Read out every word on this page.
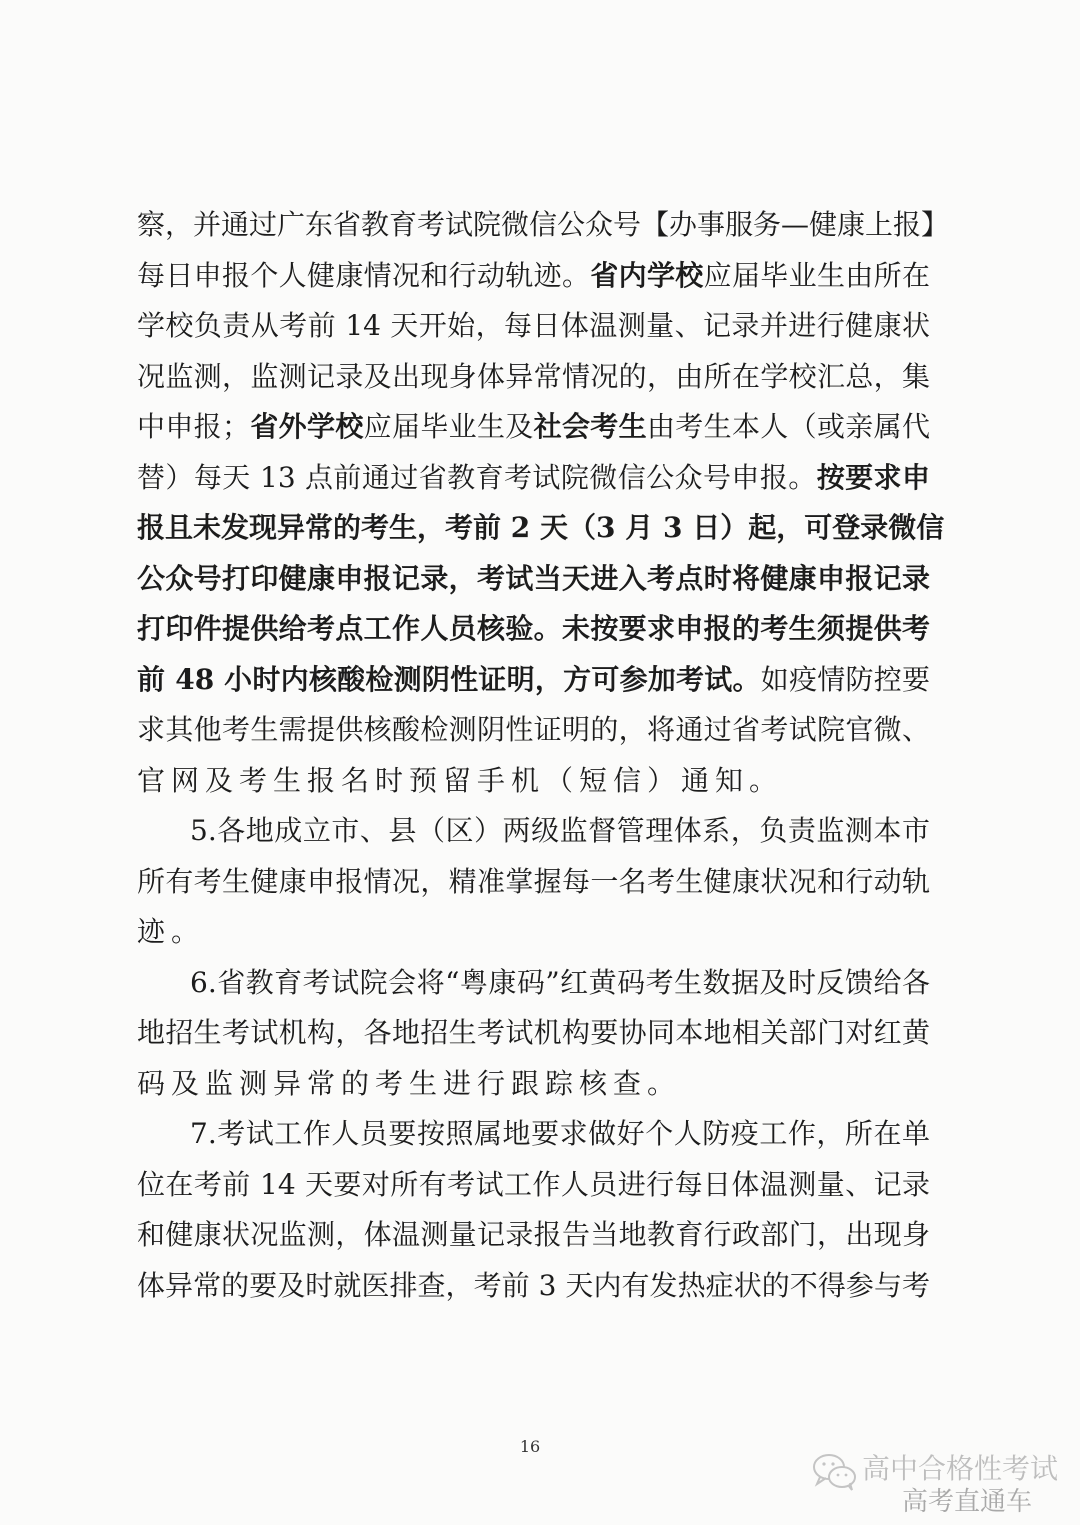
察，并通过广东省教育考试院微信公众号【办事服务—健康上报】
每日申报个人健康情况和行动轨迹。省内学校应届毕业生由所在
学校负责从考前 14 天开始，每日体温测量、记录并进行健康状
况监测，监测记录及出现身体异常情况的，由所在学校汇总，集
中申报；省外学校应届毕业生及社会考生由考生本人（或亲属代
替）每天 13 点前通过省教育考试院微信公众号申报。按要求申
报且未发现异常的考生，考前 2 天（3 月 3 日）起，可登录微信
公众号打印健康申报记录，考试当天进入考点时将健康申报记录
打印件提供给考点工作人员核验。未按要求申报的考生须提供考
前 48 小时内核酸检测阴性证明，方可参加考试。如疫情防控要
求其他考生需提供核酸检测阴性证明的，将通过省考试院官微、
官网及考生报名时预留手机（短信）通知。
5.各地成立市、县（区）两级监督管理体系，负责监测本市
所有考生健康申报情况，精准掌握每一名考生健康状况和行动轨
迹。
6.省教育考试院会将“粤康码”红黄码考生数据及时反馈给各
地招生考试机构，各地招生考试机构要协同本地相关部门对红黄
码及监测异常的考生进行跟踪核查。
7.考试工作人员要按照属地要求做好个人防疫工作，所在单
位在考前 14 天要对所有考试工作人员进行每日体温测量、记录
和健康状况监测，体温测量记录报告当地教育行政部门，出现身
体异常的要及时就医排查，考前 3 天内有发热症状的不得参与考
16
高中合格性考试
高考直通车
